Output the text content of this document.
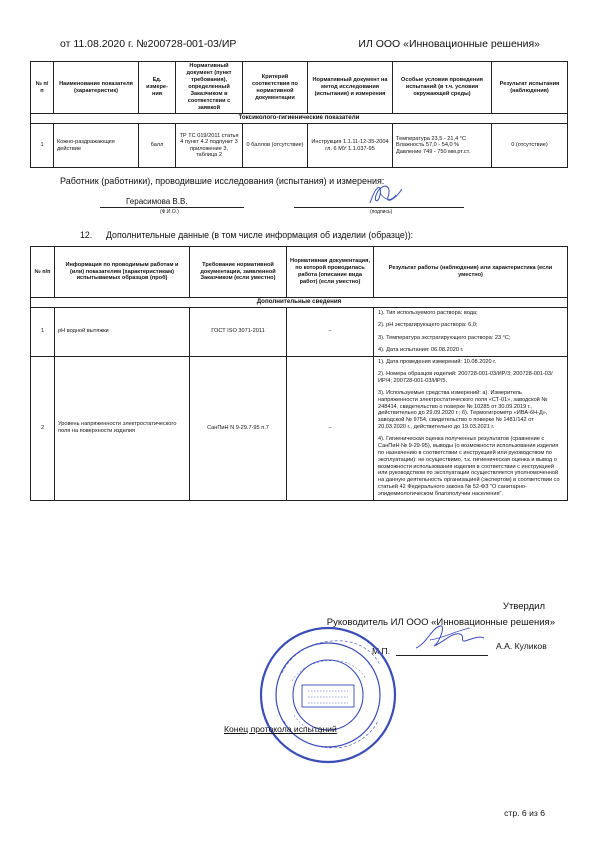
от 11.08.2020 г. №200728-001-03/ИР	ИЛ ООО «Инновационные решения»
№ п/п	Наименование показателя (характеристик)	Ед. измере-ния	Нормативный документ (пункт требования), определенный Заказчиком в соответствии с заявкой	Критерий соответствия по нормативной документации	Нормативный документ на метод исследования (испытания) и измерения	Особые условия проведения испытаний (в т.ч. условия окружающей среды)	Результат испытания (наблюдения)
Токсиколого-гигиенические показатели							
1	Кожно-раздражающее действие	балл	ТР ТС 019/2011 статья 4 пункт 4.2 подпункт 3 приложение 3, таблица 2	0 баллов (отсутствие)	Инструкция 1.1.11-12-35-2004 гл. 6 МУ 1.1.037-95	Температура 23,5 - 21,4 °С
Влажность 57,0 - 54,0 %
Давление 749 - 750 мм.рт.ст.	0 (отсутствие)
Работник (работники), проводившие исследования (испытания) и измерения:
Герасимова В.В.
(Ф.И.О.)	(подпись)
12. Дополнительные данные (в том числе информация об изделии (образце)):
№ п/п	Информация по проводимым работам и (или) показателям (характеристикам) испытываемых образцов (проб)	Требование нормативной документации, заявленной Заказчиком (если уместно)	Нормативная документация, по которой проводилась работа (описание вида работ) (если уместно)	Результат работы (наблюдения) или характеристика (если уместно)
Дополнительные сведения				
1	pH водной вытяжки	ГОСТ ISO 3071-2011	–	1). Тип используемого раствора: вода;

2). pH экстрагирующего раствора: 6,0;

3). Температура экстрагирующего раствора: 23 °С;

4). Дата испытания: 06.08.2020 г.

2	Уровень напряженности электростатического поля на поверхности изделия	СанПиН N 9-29.7-95 п.7	–	1). Дата проведения измерений: 10.08.2020 г.

2). Номера образцов изделий: 200728-001-03/ИР/3; 200728-001-03/ИР/4; 200728-001-03/ИР/5.

3). Используемые средства измерений: а). Измеритель напряженности электростатического поля «СТ-01», заводской № 248414, свидетельство о поверке № 10285 от 30.09.2019 г., действительно до 29.09.2020 г.; б). Термогигрометр «ИВА-6Н-Д», заводской № 9754, свидетельство о поверке № 1481/142 от 20.03.2020 г., действительно до 19.03.2021 г.

4). Гигиеническая оценка полученных результатов (сравнение с СанПиН № 9-29-95), выводы (о возможности использования изделия по назначению в соответствии с инструкцией или руководством по эксплуатации): не осуществимо, т.к. гигиеническая оценка и вывод о возможности использования изделия в соответствии с инструкцией или руководством по эксплуатации осуществляется уполномоченной на данную деятельность организацией (экспертом) в соответствии со статьей 42 Федерального закона № 52-ФЗ "О санитарно-эпидемиологическом благополучии населения".

Утвердил
Руководитель ИЛ ООО «Инновационные решения»
М.П.	А.А. Куликов
Конец протокола испытаний
стр. 6 из 6
